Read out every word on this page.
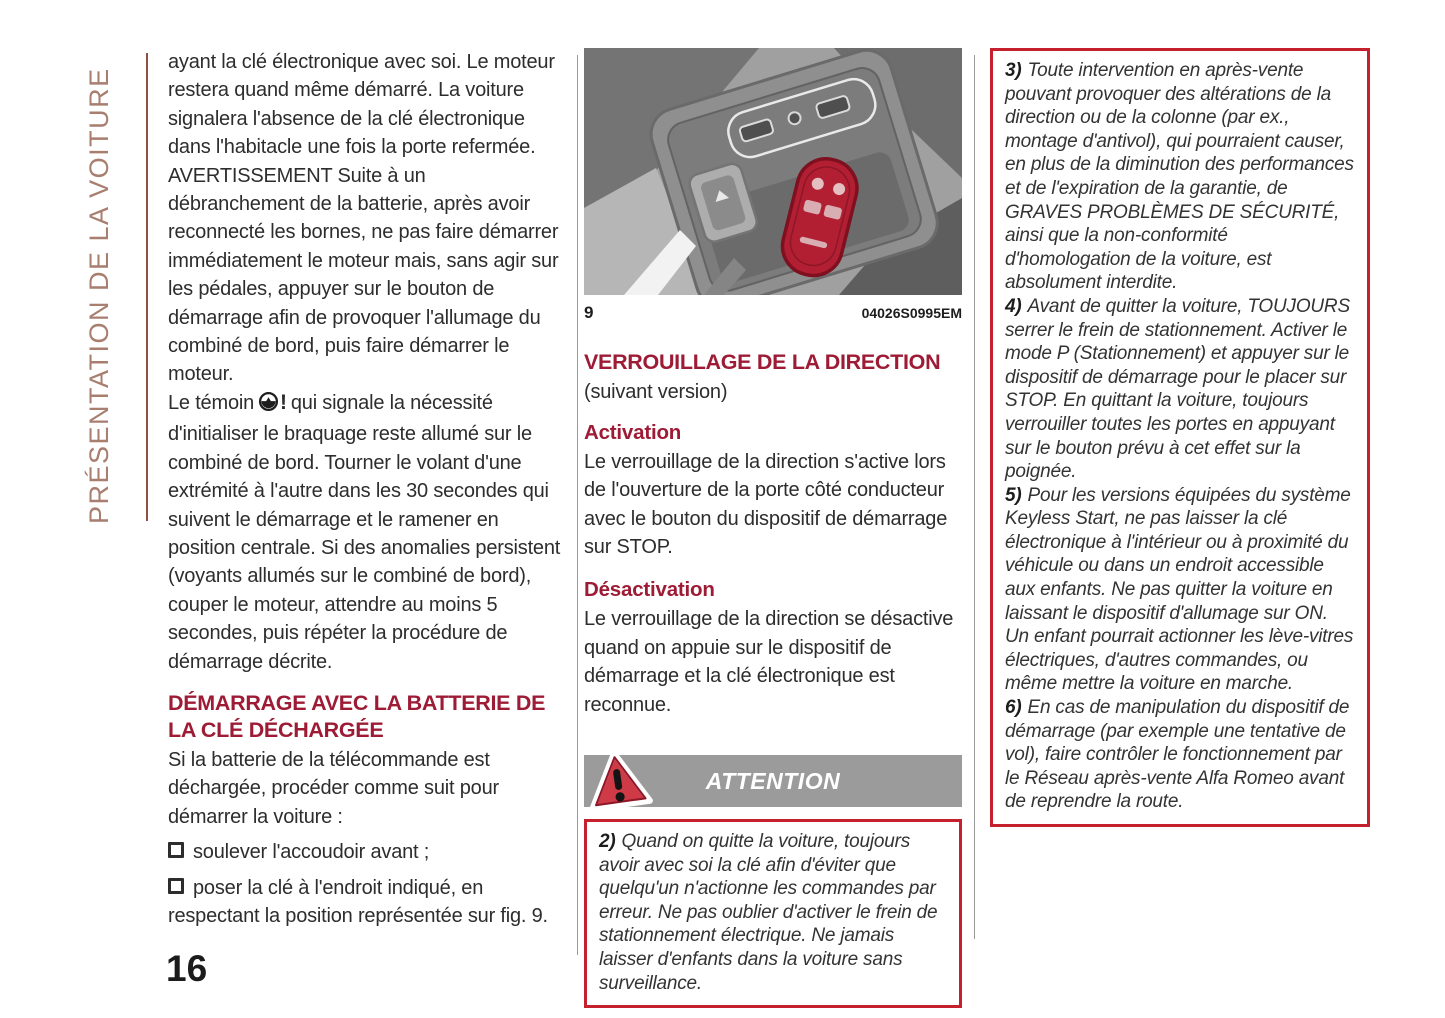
PRÉSENTATION DE LA VOITURE

ayant la clé électronique avec soi. Le moteur restera quand même démarré. La voiture signalera l'absence de la clé électronique dans l'habitacle une fois la porte refermée.

AVERTISSEMENT Suite à un débranchement de la batterie, après avoir reconnecté les bornes, ne pas faire démarrer immédiatement le moteur mais, sans agir sur les pédales, appuyer sur le bouton de démarrage afin de provoquer l'allumage du combiné de bord, puis faire démarrer le moteur.

Le témoin ! qui signale la nécessité d'initialiser le braquage reste allumé sur le combiné de bord. Tourner le volant d'une extrémité à l'autre dans les 30 secondes qui suivent le démarrage et le ramener en position centrale. Si des anomalies persistent (voyants allumés sur le combiné de bord), couper le moteur, attendre au moins 5 secondes, puis répéter la procédure de démarrage décrite.

DÉMARRAGE AVEC LA BATTERIE DE LA CLÉ DÉCHARGÉE

Si la batterie de la télécommande est déchargée, procéder comme suit pour démarrer la voiture :

soulever l'accoudoir avant ;

poser la clé à l'endroit indiqué, en respectant la position représentée sur fig. 9.

9	04026S0995EM
VERROUILLAGE DE LA DIRECTION

(suivant version)

Activation

Le verrouillage de la direction s'active lors de l'ouverture de la porte côté conducteur avec le bouton du dispositif de démarrage sur STOP.

Désactivation

Le verrouillage de la direction se désactive quand on appuie sur le dispositif de démarrage et la clé électronique est reconnue.

ATTENTION

2) Quand on quitte la voiture, toujours avoir avec soi la clé afin d'éviter que quelqu'un n'actionne les commandes par erreur. Ne pas oublier d'activer le frein de stationnement électrique. Ne jamais laisser d'enfants dans la voiture sans surveillance.

3) Toute intervention en après-vente pouvant provoquer des altérations de la direction ou de la colonne (par ex., montage d'antivol), qui pourraient causer, en plus de la diminution des performances et de l'expiration de la garantie, de GRAVES PROBLÈMES DE SÉCURITÉ, ainsi que la non-conformité d'homologation de la voiture, est absolument interdite.

4) Avant de quitter la voiture, TOUJOURS serrer le frein de stationnement. Activer le mode P (Stationnement) et appuyer sur le dispositif de démarrage pour le placer sur STOP. En quittant la voiture, toujours verrouiller toutes les portes en appuyant sur le bouton prévu à cet effet sur la poignée.

5) Pour les versions équipées du système Keyless Start, ne pas laisser la clé électronique à l'intérieur ou à proximité du véhicule ou dans un endroit accessible aux enfants. Ne pas quitter la voiture en laissant le dispositif d'allumage sur ON. Un enfant pourrait actionner les lève-vitres électriques, d'autres commandes, ou même mettre la voiture en marche.

6) En cas de manipulation du dispositif de démarrage (par exemple une tentative de vol), faire contrôler le fonctionnement par le Réseau après-vente Alfa Romeo avant de reprendre la route.

16
